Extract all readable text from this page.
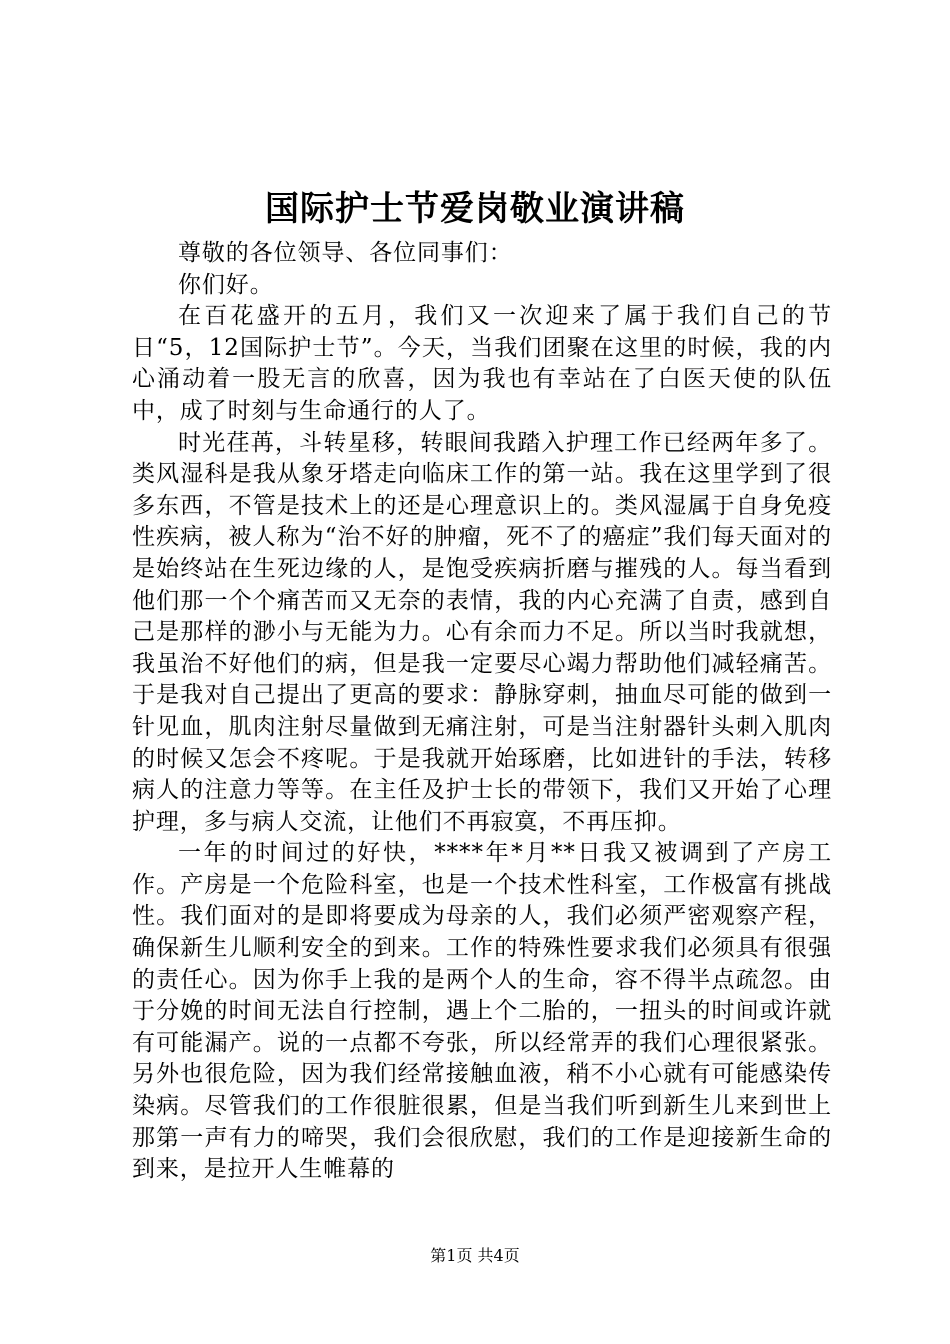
国际护士节爱岗敬业演讲稿

尊敬的各位领导、各位同事们：

你们好。

在百花盛开的五月，我们又一次迎来了属于我们自己的节日“5，12国际护士节”。今天，当我们团聚在这里的时候，我的内心涌动着一股无言的欣喜，因为我也有幸站在了白医天使的队伍中，成了时刻与生命通行的人了。

时光荏苒，斗转星移，转眼间我踏入护理工作已经两年多了。类风湿科是我从象牙塔走向临床工作的第一站。我在这里学到了很多东西，不管是技术上的还是心理意识上的。类风湿属于自身免疫性疾病，被人称为“治不好的肿瘤，死不了的癌症”我们每天面对的是始终站在生死边缘的人，是饱受疾病折磨与摧残的人。每当看到他们那一个个痛苦而又无奈的表情，我的内心充满了自责，感到自己是那样的渺小与无能为力。心有余而力不足。所以当时我就想，我虽治不好他们的病，但是我一定要尽心竭力帮助他们减轻痛苦。于是我对自己提出了更高的要求：静脉穿刺，抽血尽可能的做到一针见血，肌肉注射尽量做到无痛注射，可是当注射器针头刺入肌肉的时候又怎会不疼呢。于是我就开始琢磨，比如进针的手法，转移病人的注意力等等。在主任及护士长的带领下，我们又开始了心理护理，多与病人交流，让他们不再寂寞，不再压抑。

一年的时间过的好快，****年*月**日我又被调到了产房工作。产房是一个危险科室，也是一个技术性科室，工作极富有挑战性。我们面对的是即将要成为母亲的人，我们必须严密观察产程，确保新生儿顺利安全的到来。工作的特殊性要求我们必须具有很强的责任心。因为你手上我的是两个人的生命，容不得半点疏忽。由于分娩的时间无法自行控制，遇上个二胎的，一扭头的时间或许就有可能漏产。说的一点都不夸张，所以经常弄的我们心理很紧张。另外也很危险，因为我们经常接触血液，稍不小心就有可能感染传染病。尽管我们的工作很脏很累，但是当我们听到新生儿来到世上那第一声有力的啼哭，我们会很欣慰，我们的工作是迎接新生命的到来，是拉开人生帷幕的

第1页 共4页
